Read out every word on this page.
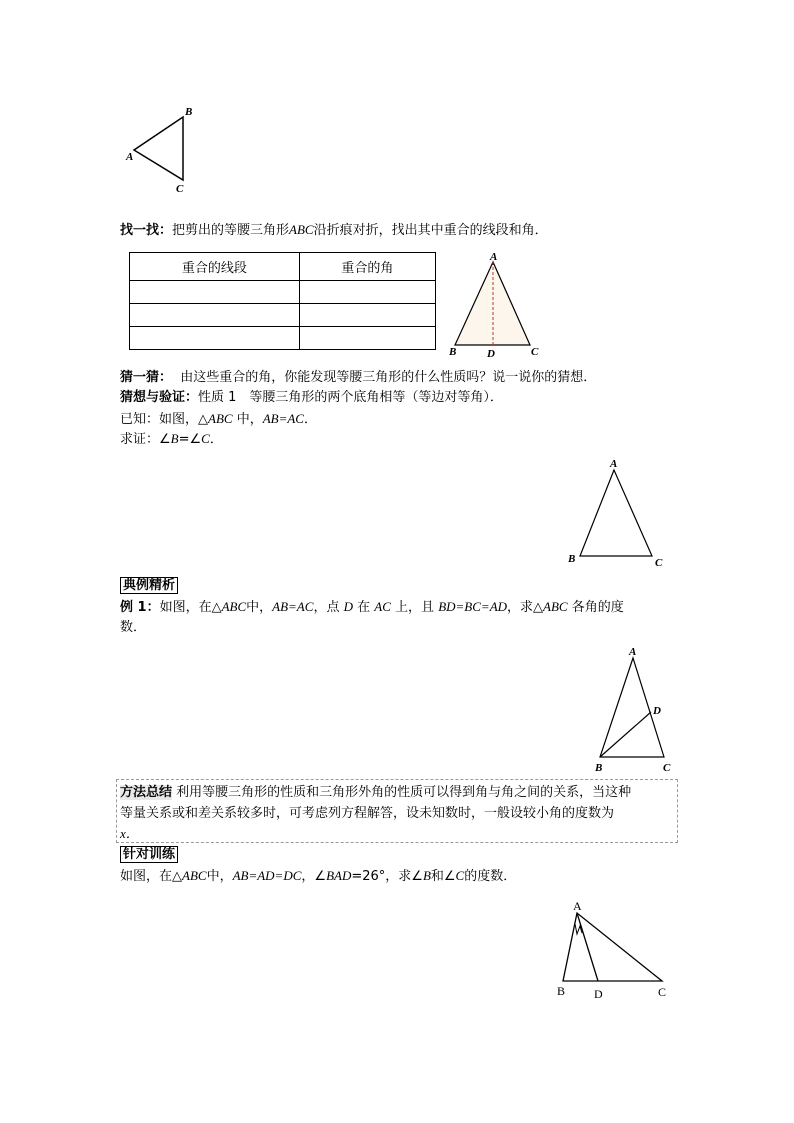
B
A
C
找一找：把剪出的等腰三角形ABC沿折痕对折，找出其中重合的线段和角．
重合的线段	重合的角

A
B	D	C
猜一猜： 由这些重合的角，你能发现等腰三角形的什么性质吗？说一说你的猜想．
猜想与验证：性质 1　等腰三角形的两个底角相等（等边对等角）．
已知：如图，△ABC 中，AB=AC．
求证：∠B=∠C．
A
B	C
典例精析
例 1：如图，在△ABC中，AB=AC，点 D 在 AC 上，且 BD=BC=AD，求△ABC 各角的度
数．
A
D
B	C
方法总结 利用等腰三角形的性质和三角形外角的性质可以得到角与角之间的关系，当这种
等量关系或和差关系较多时，可考虑列方程解答，设未知数时，一般设较小角的度数为
x．
针对训练
如图，在△ABC中，AB=AD=DC，∠BAD=26°，求∠B和∠C的度数．
A
B D	C
